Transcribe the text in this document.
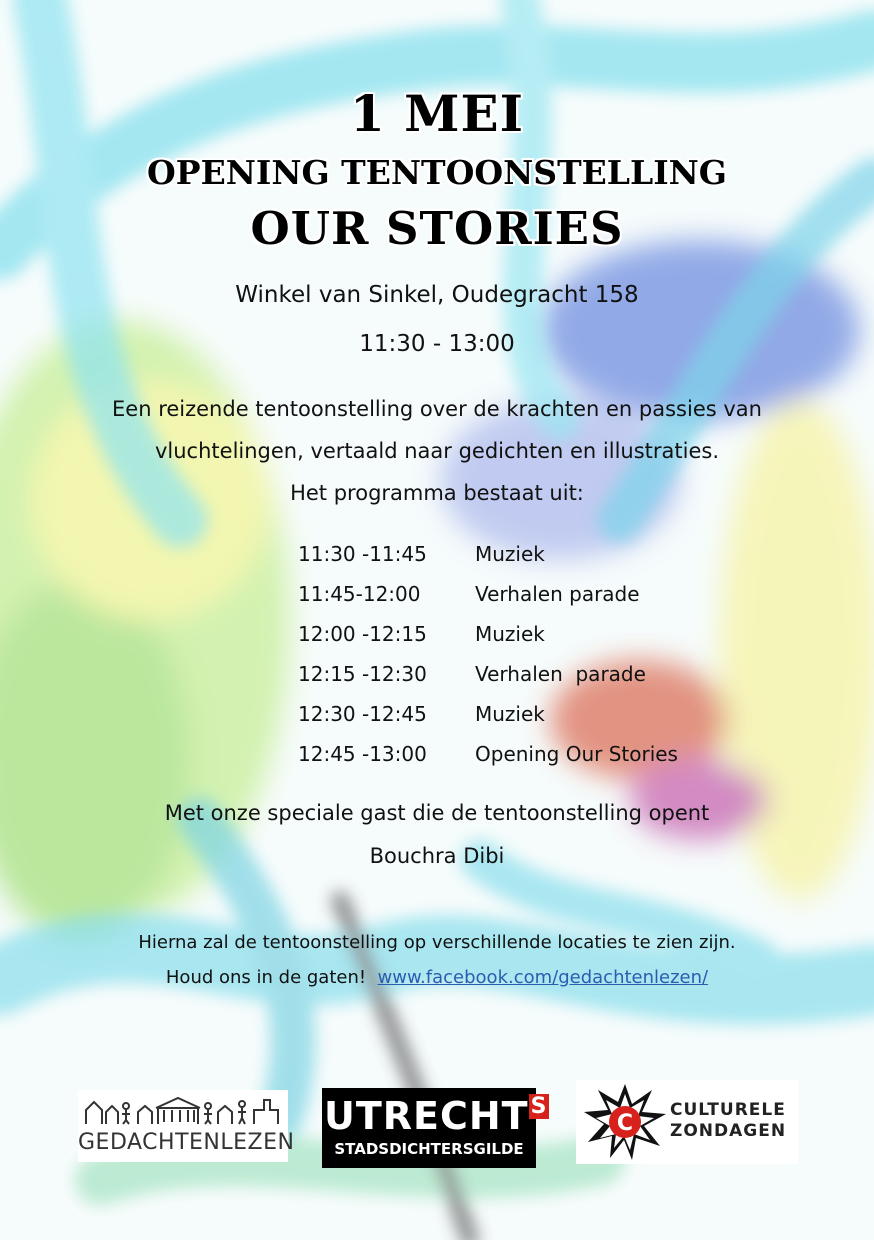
1 MEI
OPENING TENTOONSTELLING
OUR STORIES
Winkel van Sinkel, Oudegracht 158
11:30 - 13:00
Een reizende tentoonstelling over de krachten en passies van
vluchtelingen, vertaald naar gedichten en illustraties.
Het programma bestaat uit:
11:30 -11:45 Muziek
11:45-12:00	Verhalen parade
12:00 -12:15 Muziek
12:15 -12:30 Verhalen  parade
12:30 -12:45 Muziek
12:45 -13:00 Opening Our Stories
Met onze speciale gast die de tentoonstelling opent
Bouchra Dibi
Hierna zal de tentoonstelling op verschillende locaties te zien zijn.
Houd ons in de gaten! www.facebook.com/gedachtenlezen/
GEDACHTENLEZEN
$UTRECHT^S$
STADSDICHTERSGILDE
C
CULTURELE
ZONDAGEN
